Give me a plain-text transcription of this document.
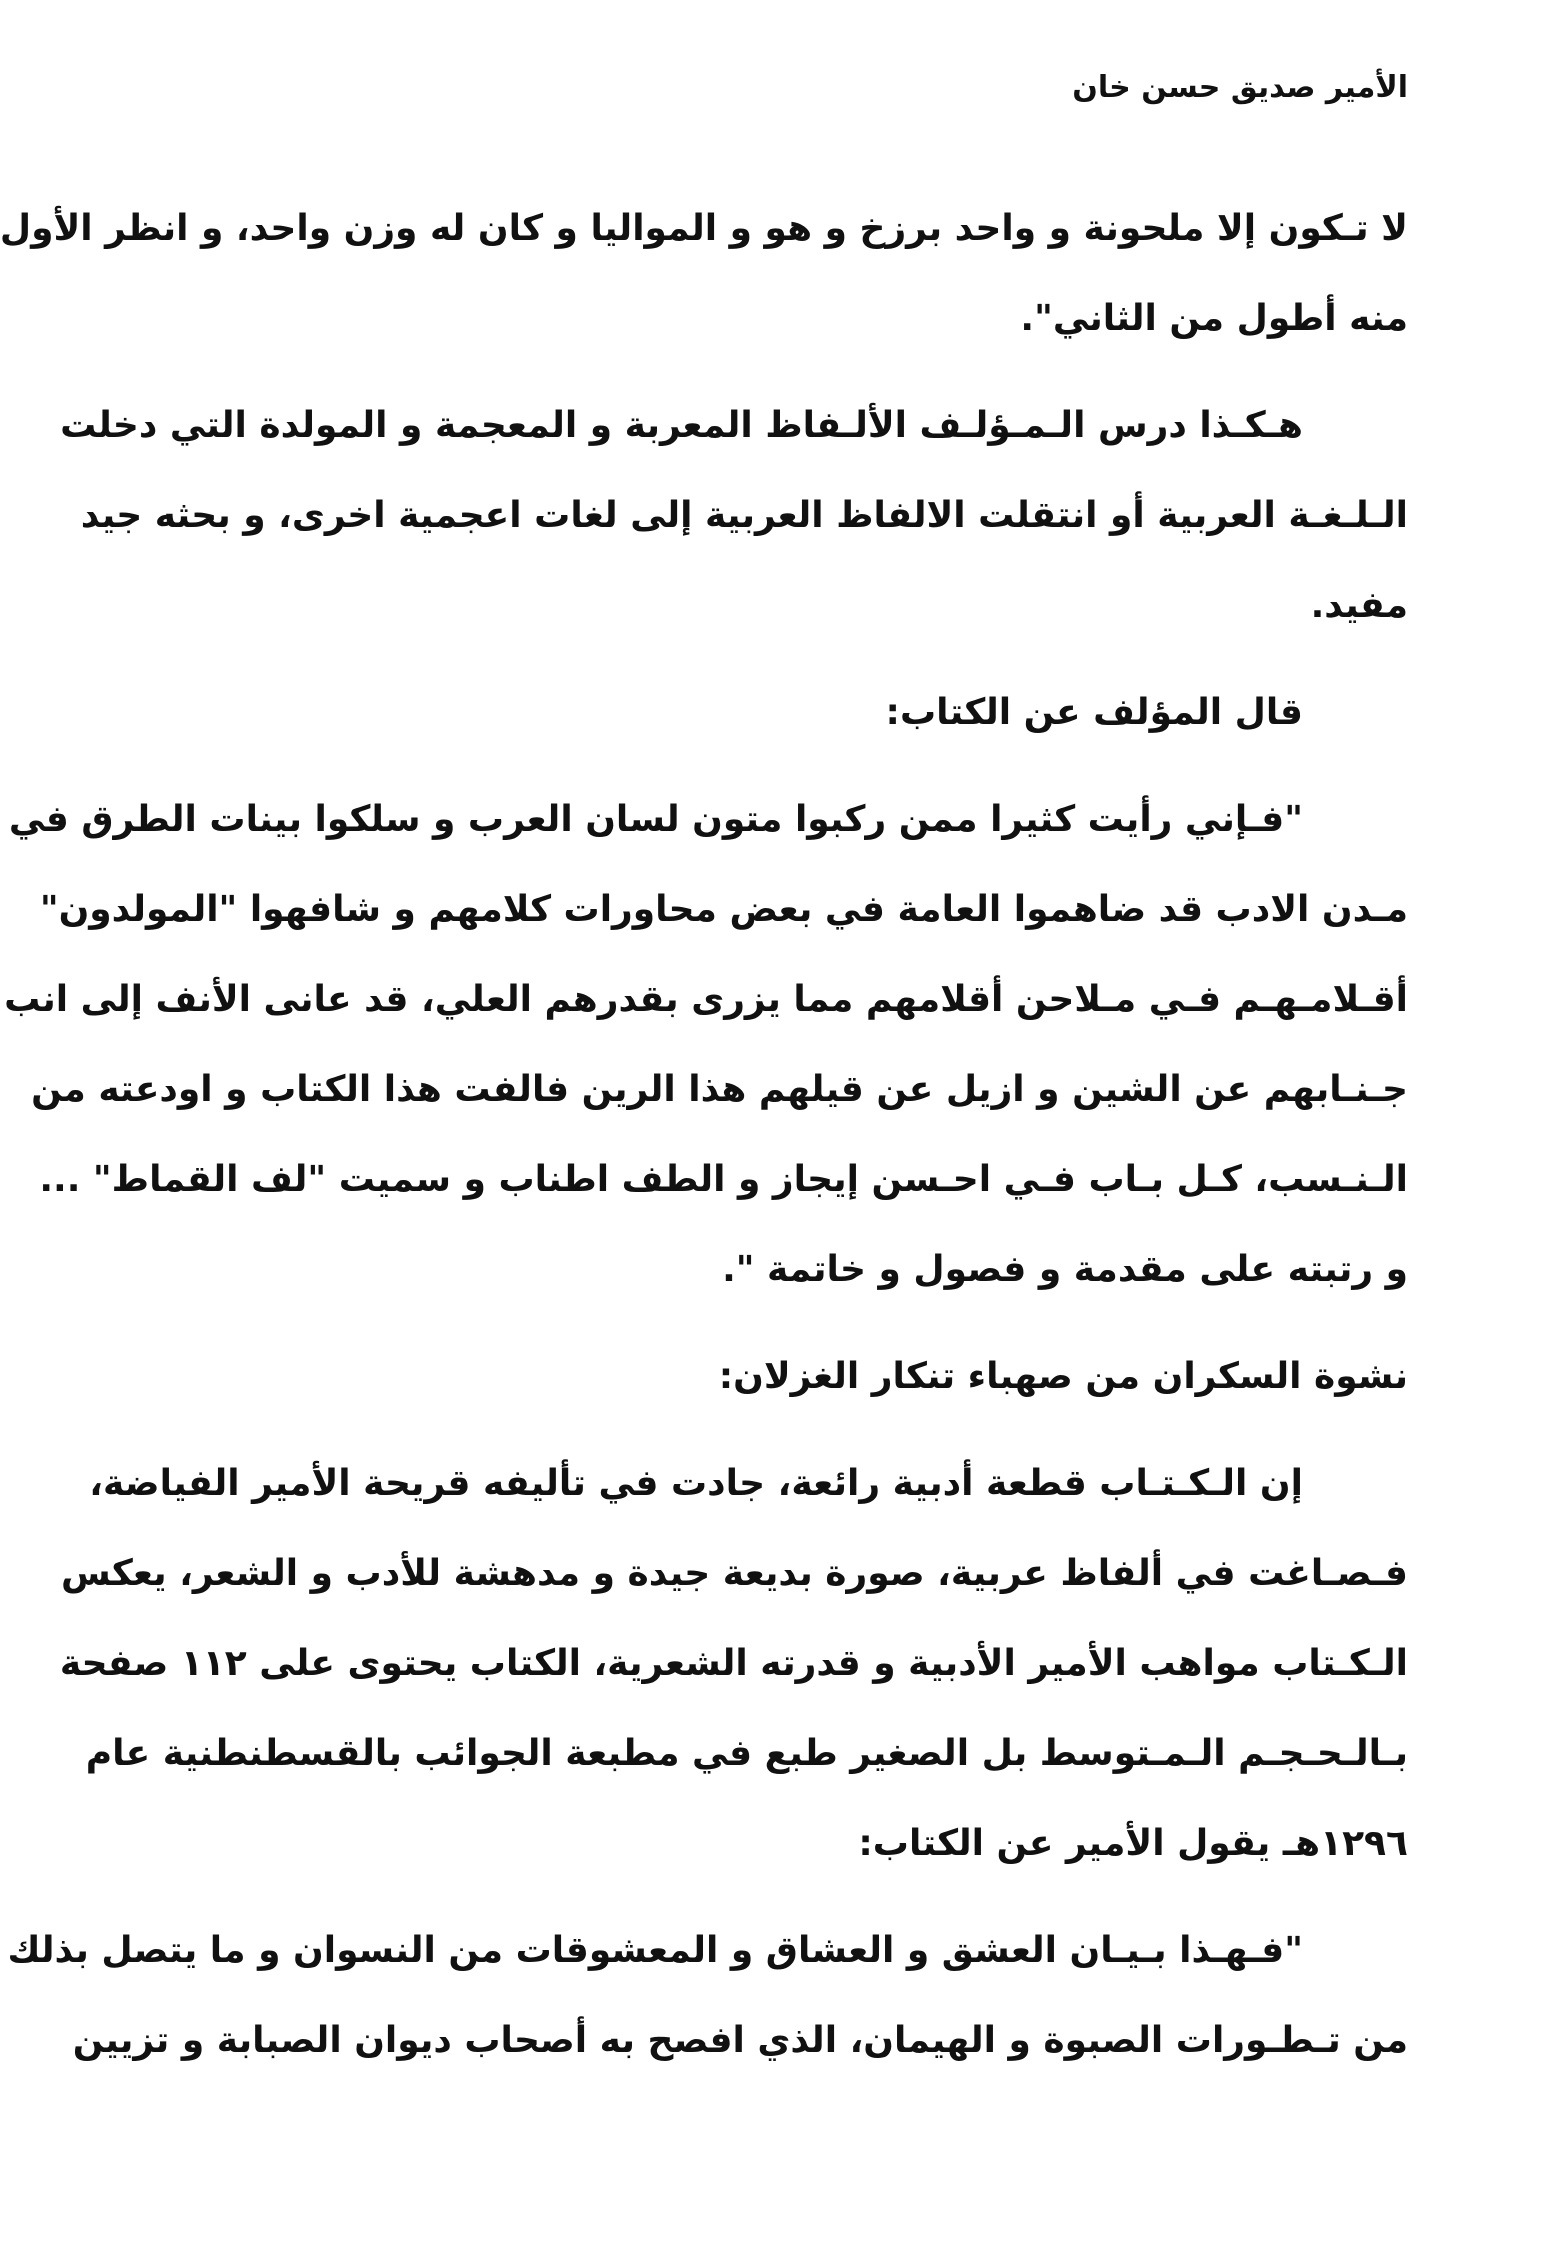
الأمير صديق حسن خان
لا تـكون إلا ملحونة و واحد برزخ و هو و المواليا و كان له وزن واحد، و انظر الأول
منه أطول من الثاني".
هـكـذا درس الـمـؤلـف الألـفاظ المعربة و المعجمة و المولدة التي دخلت
الـلـغـة العربية أو انتقلت الالفاظ العربية إلى لغات اعجمية اخرى، و بحثه جيد
مفيد.
قال المؤلف عن الكتاب:
"فـإني رأيت كثيرا ممن ركبوا متون لسان العرب و سلكوا بينات الطرق في
مـدن الادب قد ضاهموا العامة في بعض محاورات كلامهم و شافهوا "المولدون"
أقـلامـهـم فـي مـلاحن أقلامهم مما يزرى بقدرهم العلي، قد عانى الأنف إلى انب
جـنـابهم عن الشين و ازيل عن قيلهم هذا الرين فالفت هذا الكتاب و اودعته من
الـنـسب، كـل بـاب فـي احـسن إيجاز و الطف اطناب و سميت "لف القماط" ...
و رتبته على مقدمة و فصول و خاتمة ".
نشوة السكران من صهباء تنكار الغزلان:
إن الـكـتـاب قطعة أدبية رائعة، جادت في تأليفه قريحة الأمير الفياضة،
فـصـاغت في ألفاظ عربية، صورة بديعة جيدة و مدهشة للأدب و الشعر، يعكس
الـكـتاب مواهب الأمير الأدبية و قدرته الشعرية، الكتاب يحتوى على ١١٢ صفحة
بـالـحـجـم الـمـتوسط بل الصغير طبع في مطبعة الجوائب بالقسطنطنية عام
١٢٩٦هـ يقول الأمير عن الكتاب:
"فـهـذا بـيـان العشق و العشاق و المعشوقات من النسوان و ما يتصل بذلك
من تـطـورات الصبوة و الهيمان، الذي افصح به أصحاب ديوان الصبابة و تزيين
